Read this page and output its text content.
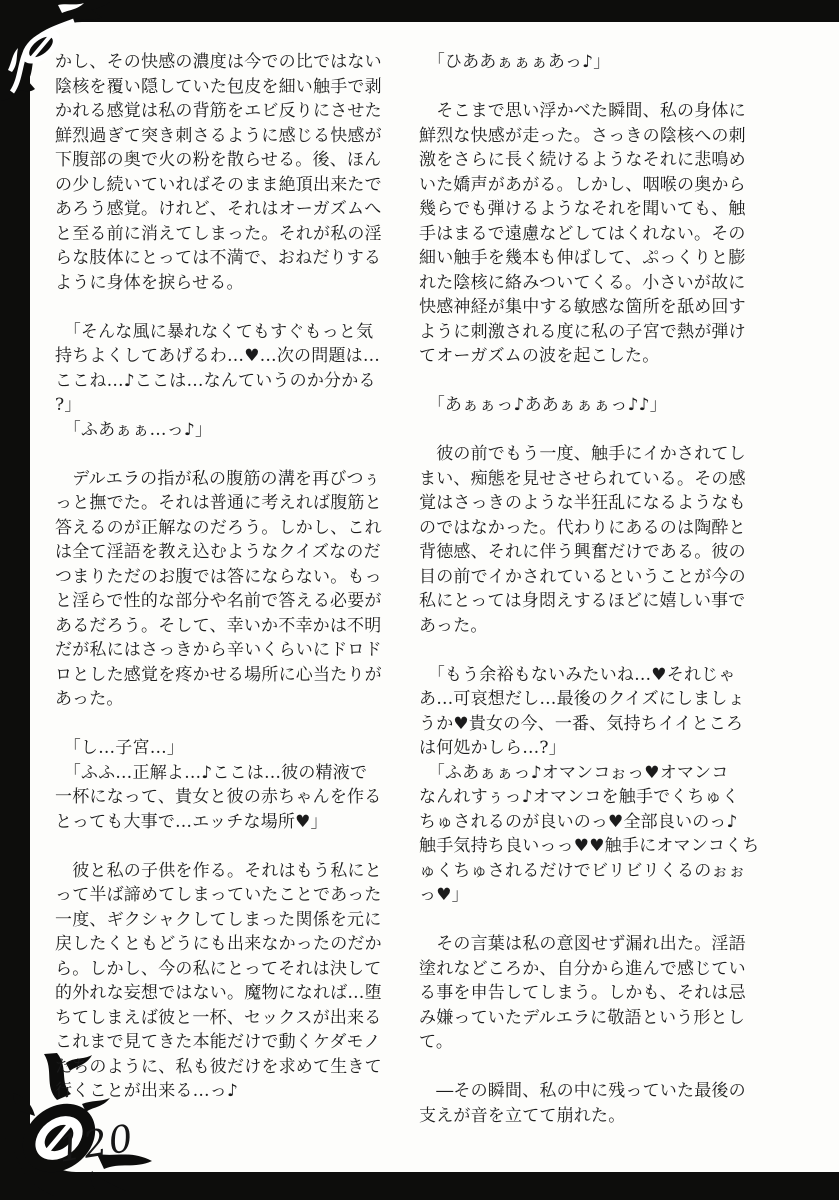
120
かし、その快感の濃度は今での比ではない
陰核を覆い隠していた包皮を細い触手で剥
かれる感覚は私の背筋をエビ反りにさせた
鮮烈過ぎて突き刺さるように感じる快感が
下腹部の奥で火の粉を散らせる。後、ほん
の少し続いていればそのまま絶頂出来たで
あろう感覚。けれど、それはオーガズムへ
と至る前に消えてしまった。それが私の淫
らな肢体にとっては不満で、おねだりする
ように身体を捩らせる。
　「そんな風に暴れなくてもすぐもっと気
持ちよくしてあげるわ…♥…次の問題は…
ここね…♪ここは…なんていうのか分かる
?」
　「ふあぁぁ…っ♪」
　デルエラの指が私の腹筋の溝を再びつぅ
っと撫でた。それは普通に考えれば腹筋と
答えるのが正解なのだろう。しかし、これ
は全て淫語を教え込むようなクイズなのだ
つまりただのお腹では答にならない。もっ
と淫らで性的な部分や名前で答える必要が
あるだろう。そして、幸いか不幸かは不明
だが私にはさっきから辛いくらいにドロド
ロとした感覚を疼かせる場所に心当たりが
あった。
　「し…子宮…」
　「ふふ…正解よ…♪ここは…彼の精液で
一杯になって、貴女と彼の赤ちゃんを作る
とっても大事で…エッチな場所♥」
　彼と私の子供を作る。それはもう私にと
って半ば諦めてしまっていたことであった
一度、ギクシャクしてしまった関係を元に
戻したくともどうにも出来なかったのだか
ら。しかし、今の私にとってそれは決して
的外れな妄想ではない。魔物になれば…堕
ちてしまえば彼と一杯、セックスが出来る
これまで見てきた本能だけで動くケダモノ
たちのように、私も彼だけを求めて生きて
行くことが出来る…っ♪
　「ひああぁぁぁあっ♪」
　そこまで思い浮かべた瞬間、私の身体に
鮮烈な快感が走った。さっきの陰核への刺
激をさらに長く続けるようなそれに悲鳴め
いた嬌声があがる。しかし、咽喉の奥から
幾らでも弾けるようなそれを聞いても、触
手はまるで遠慮などしてはくれない。その
細い触手を幾本も伸ばして、ぷっくりと膨
れた陰核に絡みついてくる。小さいが故に
快感神経が集中する敏感な箇所を舐め回す
ように刺激される度に私の子宮で熱が弾け
てオーガズムの波を起こした。
　「あぁぁっ♪ああぁぁぁっ♪♪」
　彼の前でもう一度、触手にイかされてし
まい、痴態を見せさせられている。その感
覚はさっきのような半狂乱になるようなも
のではなかった。代わりにあるのは陶酔と
背徳感、それに伴う興奮だけである。彼の
目の前でイかされているということが今の
私にとっては身悶えするほどに嬉しい事で
あった。
　「もう余裕もないみたいね…♥それじゃ
あ…可哀想だし…最後のクイズにしましょ
うか♥貴女の今、一番、気持ちイイところ
は何処かしら…?」
　「ふあぁぁっ♪オマンコぉっ♥オマンコ
なんれすぅっ♪オマンコを触手でくちゅく
ちゅされるのが良いのっ♥全部良いのっ♪
触手気持ち良いっっ♥♥触手にオマンコくち
ゅくちゅされるだけでビリビリくるのぉぉ
っ♥」
　その言葉は私の意図せず漏れ出た。淫語
塗れなどころか、自分から進んで感じてい
る事を申告してしまう。しかも、それは忌
み嫌っていたデルエラに敬語という形とし
て。
　―その瞬間、私の中に残っていた最後の
支えが音を立てて崩れた。
